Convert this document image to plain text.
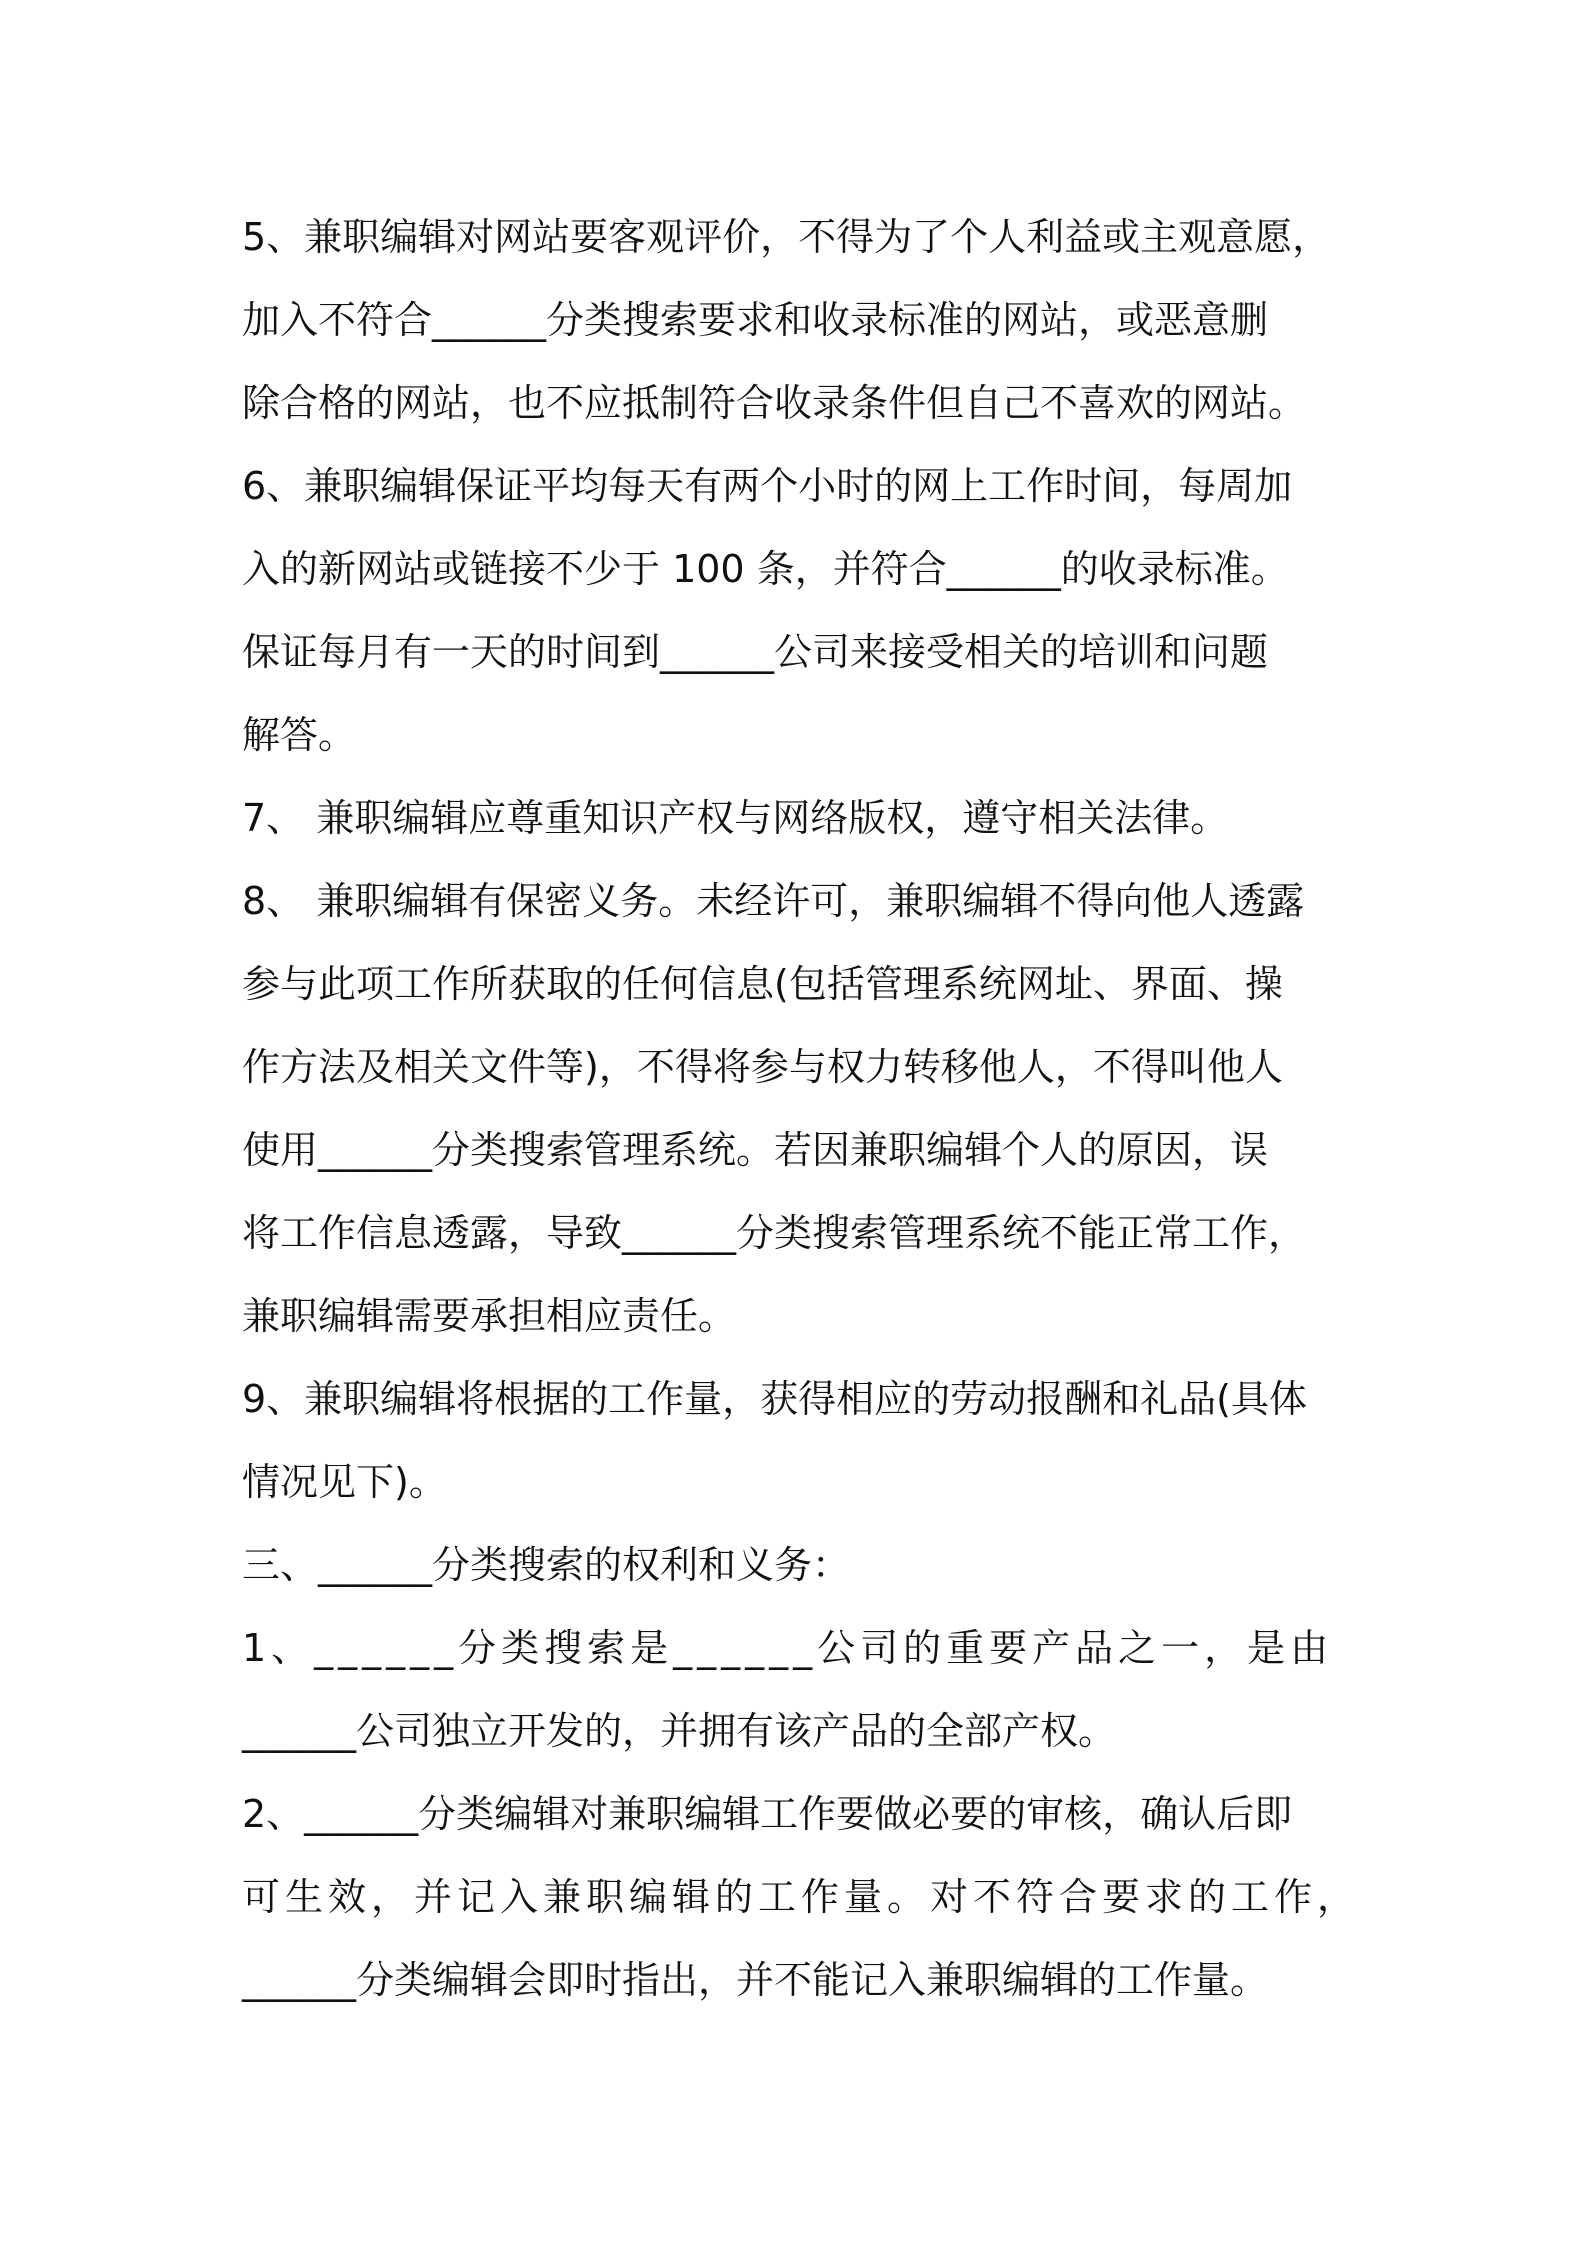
5、兼职编辑对网站要客观评价，不得为了个人利益或主观意愿，
加入不符合______分类搜索要求和收录标准的网站，或恶意删
除合格的网站，也不应抵制符合收录条件但自己不喜欢的网站。
6、兼职编辑保证平均每天有两个小时的网上工作时间，每周加
入的新网站或链接不少于 100 条，并符合______的收录标准。
保证每月有一天的时间到______公司来接受相关的培训和问题
解答。
7、 兼职编辑应尊重知识产权与网络版权，遵守相关法律。
8、 兼职编辑有保密义务。未经许可，兼职编辑不得向他人透露
参与此项工作所获取的任何信息(包括管理系统网址、界面、操
作方法及相关文件等)，不得将参与权力转移他人，不得叫他人
使用______分类搜索管理系统。若因兼职编辑个人的原因，误
将工作信息透露，导致______分类搜索管理系统不能正常工作，
兼职编辑需要承担相应责任。
9、兼职编辑将根据的工作量，获得相应的劳动报酬和礼品(具体
情况见下)。
三、______分类搜索的权利和义务：
1、______分类搜索是______公司的重要产品之一，是由
______公司独立开发的，并拥有该产品的全部产权。
2、______分类编辑对兼职编辑工作要做必要的审核，确认后即
可生效，并记入兼职编辑的工作量。对不符合要求的工作，
______分类编辑会即时指出，并不能记入兼职编辑的工作量。
